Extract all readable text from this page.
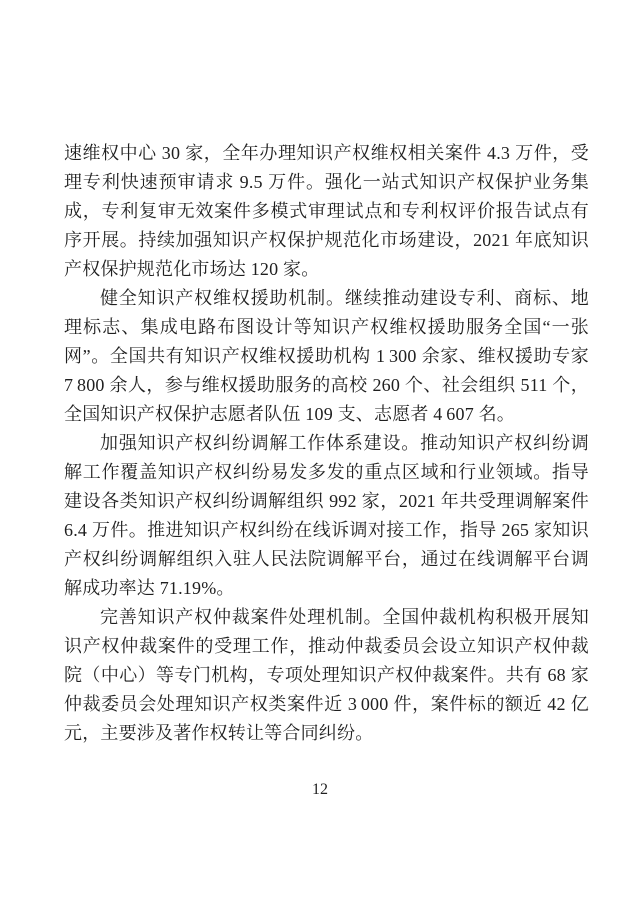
速维权中心 30 家，全年办理知识产权维权相关案件 4.3 万件，受理专利快速预审请求 9.5 万件。强化一站式知识产权保护业务集成，专利复审无效案件多模式审理试点和专利权评价报告试点有序开展。持续加强知识产权保护规范化市场建设，2021 年底知识产权保护规范化市场达 120 家。

健全知识产权维权援助机制。继续推动建设专利、商标、地理标志、集成电路布图设计等知识产权维权援助服务全国“一张网”。全国共有知识产权维权援助机构 1 300 余家、维权援助专家 7 800 余人，参与维权援助服务的高校 260 个、社会组织 511 个，全国知识产权保护志愿者队伍 109 支、志愿者 4 607 名。

加强知识产权纠纷调解工作体系建设。推动知识产权纠纷调解工作覆盖知识产权纠纷易发多发的重点区域和行业领域。指导建设各类知识产权纠纷调解组织 992 家，2021 年共受理调解案件 6.4 万件。推进知识产权纠纷在线诉调对接工作，指导 265 家知识产权纠纷调解组织入驻人民法院调解平台，通过在线调解平台调解成功率达 71.19%。

完善知识产权仲裁案件处理机制。全国仲裁机构积极开展知识产权仲裁案件的受理工作，推动仲裁委员会设立知识产权仲裁院（中心）等专门机构，专项处理知识产权仲裁案件。共有 68 家仲裁委员会处理知识产权类案件近 3 000 件，案件标的额近 42 亿元，主要涉及著作权转让等合同纠纷。

12
